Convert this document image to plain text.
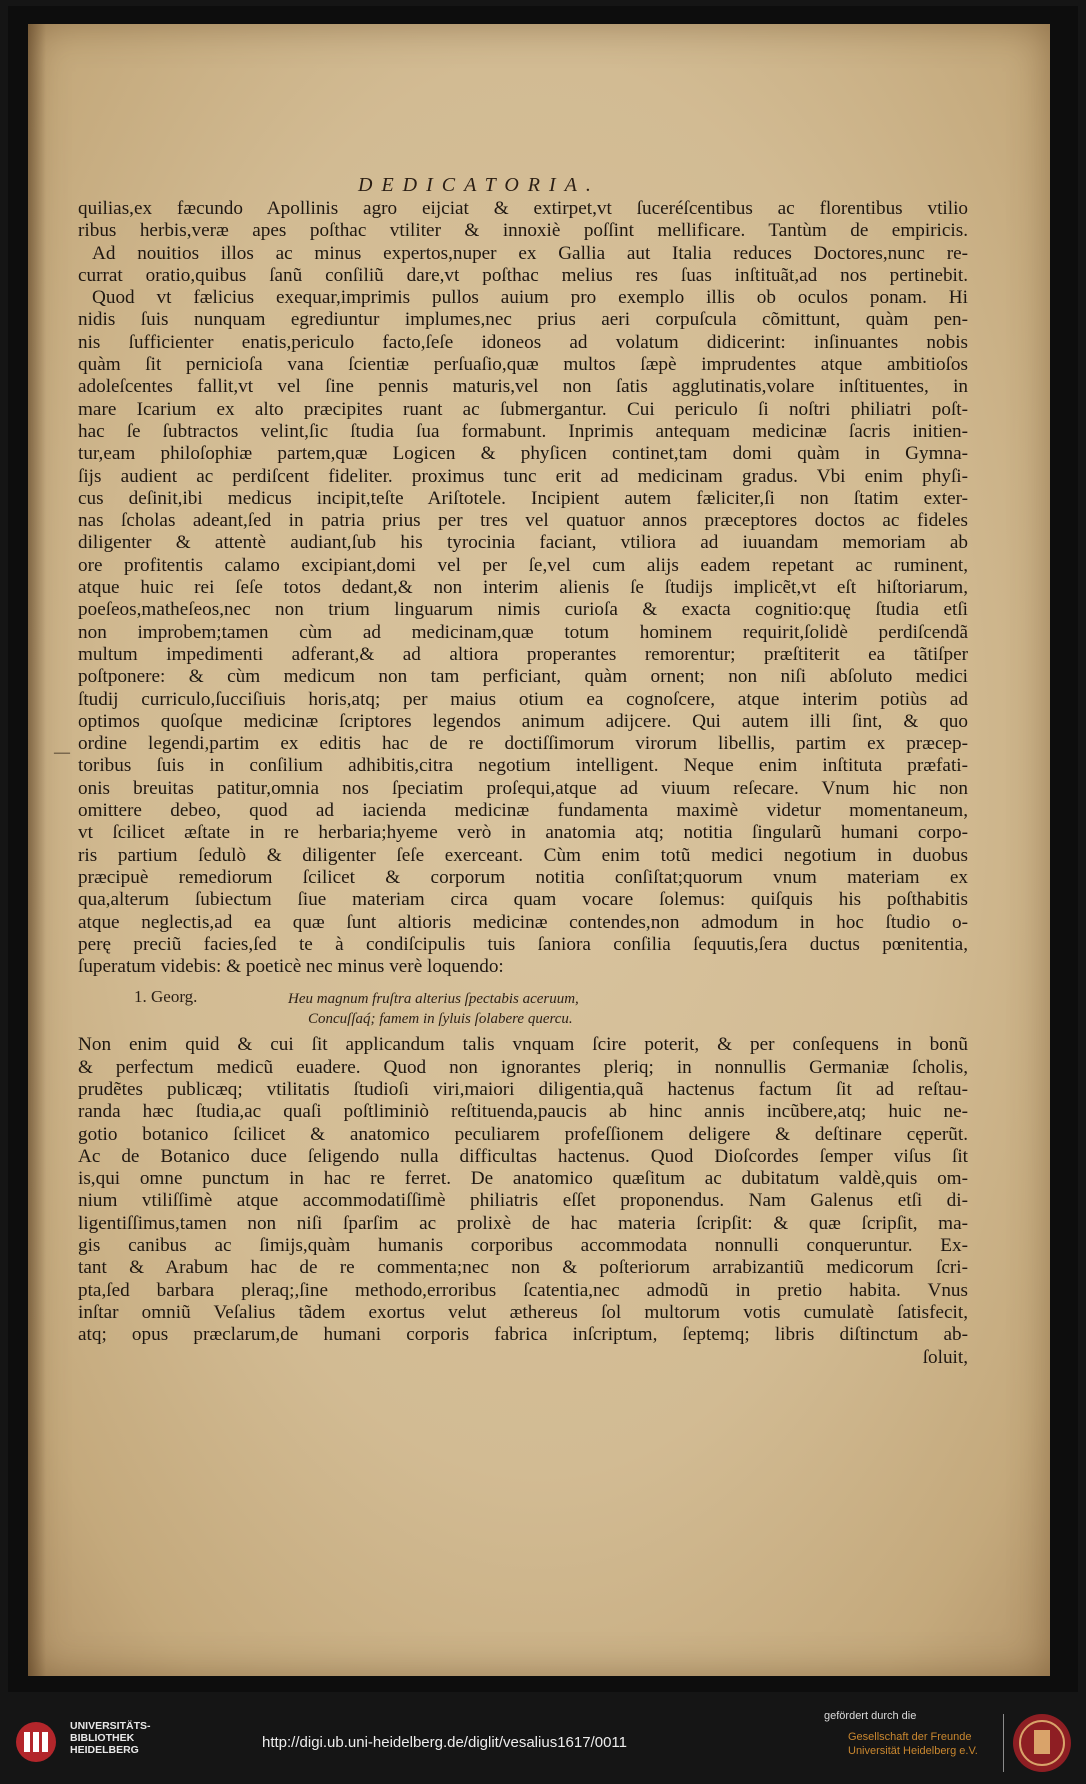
DEDICATORIA.
—
quilias,ex fæcundo Apollinis agro eijciat & extirpet,vt ſuceréſcentibus ac florentibus vtilio
ribus herbis,veræ apes poſthac vtiliter & innoxiè poſſint mellificare. Tantùm de empiricis.
Ad nouitios illos ac minus expertos,nuper ex Gallia aut Italia reduces Doctores,nunc re-
currat oratio,quibus ſanũ conſiliũ dare,vt poſthac melius res ſuas inſtituãt,ad nos pertinebit.
Quod vt fælicius exequar,imprimis pullos auium pro exemplo illis ob oculos ponam. Hi
nidis ſuis nunquam egrediuntur implumes,nec prius aeri corpuſcula cõmittunt, quàm pen-
nis ſufficienter enatis,periculo facto,ſeſe idoneos ad volatum didicerint: inſinuantes nobis
quàm ſit pernicioſa vana ſcientiæ perſuaſio,quæ multos ſæpè imprudentes atque ambitioſos
adoleſcentes fallit,vt vel ſine pennis maturis,vel non ſatis agglutinatis,volare inſtituentes, in
mare Icarium ex alto præcipites ruant ac ſubmergantur. Cui periculo ſi noſtri philiatri poſt-
hac ſe ſubtractos velint,ſic ſtudia ſua formabunt. Inprimis antequam medicinæ ſacris initien-
tur,eam philoſophiæ partem,quæ Logicen & phyſicen continet,tam domi quàm in Gymna-
ſijs audient ac perdiſcent fideliter. proximus tunc erit ad medicinam gradus. Vbi enim phyſi-
cus deſinit,ibi medicus incipit,teſte Ariſtotele. Incipient autem fæliciter,ſi non ſtatim exter-
nas ſcholas adeant,ſed in patria prius per tres vel quatuor annos præceptores doctos ac fideles
diligenter & attentè audiant,ſub his tyrocinia faciant, vtiliora ad iuuandam memoriam ab
ore profitentis calamo excipiant,domi vel per ſe,vel cum alijs eadem repetant ac ruminent,
atque huic rei ſeſe totos dedant,& non interim alienis ſe ſtudijs implicẽt,vt eſt hiſtoriarum,
poeſeos,matheſeos,nec non trium linguarum nimis curioſa & exacta cognitio:quę ſtudia etſi
non improbem;tamen cùm ad medicinam,quæ totum hominem requirit,ſolidè perdiſcendã
multum impedimenti adferant,& ad altiora properantes remorentur; præſtiterit ea tãtiſper
poſtponere: & cùm medicum non tam perficiant, quàm ornent; non niſi abſoluto medici
ſtudij curriculo,ſucciſiuis horis,atq; per maius otium ea cognoſcere, atque interim potiùs ad
optimos quoſque medicinæ ſcriptores legendos animum adijcere. Qui autem illi ſint, & quo
ordine legendi,partim ex editis hac de re doctiſſimorum virorum libellis, partim ex præcep-
toribus ſuis in conſilium adhibitis,citra negotium intelligent. Neque enim inſtituta præfati-
onis breuitas patitur,omnia nos ſpeciatim proſequi,atque ad viuum reſecare. Vnum hic non
omittere debeo, quod ad iacienda medicinæ fundamenta maximè videtur momentaneum,
vt ſcilicet æſtate in re herbaria;hyeme verò in anatomia atq; notitia ſingularũ humani corpo-
ris partium ſedulò & diligenter ſeſe exerceant. Cùm enim totũ medici negotium in duobus
præcipuè remediorum ſcilicet & corporum notitia conſiſtat;quorum vnum materiam ex
qua,alterum ſubiectum ſiue materiam circa quam vocare ſolemus: quiſquis his poſthabitis
atque neglectis,ad ea quæ ſunt altioris medicinæ contendes,non admodum in hoc ſtudio o-
perę preciũ facies,ſed te à condiſcipulis tuis ſaniora conſilia ſequutis,ſera ductus pœnitentia,
ſuperatum videbis: & poeticè nec minus verè loquendo:
1. Georg.	Heu magnum fruſtra alterius ſpectabis aceruum,
Concuſſaq́; famem in ſyluis ſolabere quercu.
Non enim quid & cui ſit applicandum talis vnquam ſcire poterit, & per conſequens in bonũ
& perfectum medicũ euadere. Quod non ignorantes pleriq; in nonnullis Germaniæ ſcholis,
prudẽtes publicæq; vtilitatis ſtudioſi viri,maiori diligentia,quã hactenus factum ſit ad reſtau-
randa hæc ſtudia,ac quaſi poſtliminiò reſtituenda,paucis ab hinc annis incũbere,atq; huic ne-
gotio botanico ſcilicet & anatomico peculiarem profeſſionem deligere & deſtinare cęperũt.
Ac de Botanico duce ſeligendo nulla difficultas hactenus. Quod Dioſcordes ſemper viſus ſit
is,qui omne punctum in hac re ferret. De anatomico quæſitum ac dubitatum valdè,quis om-
nium vtiliſſimè atque accommodatiſſimè philiatris eſſet proponendus. Nam Galenus etſi di-
ligentiſſimus,tamen non niſi ſparſim ac prolixè de hac materia ſcripſit: & quæ ſcripſit, ma-
gis canibus ac ſimijs,quàm humanis corporibus accommodata nonnulli conqueruntur. Ex-
tant & Arabum hac de re commenta;nec non & poſteriorum arrabizantiũ medicorum ſcri-
pta,ſed barbara pleraq;,ſine methodo,erroribus ſcatentia,nec admodũ in pretio habita. Vnus
inſtar omniũ Veſalius tãdem exortus velut æthereus ſol multorum votis cumulatè ſatisfecit,
atq; opus præclarum,de humani corporis fabrica inſcriptum, ſeptemq; libris diſtinctum ab-
ſoluit,
UNIVERSITÄTS-
BIBLIOTHEK
HEIDELBERG	http://digi.ub.uni-heidelberg.de/diglit/vesalius1617/0011
gefördert durch die
Gesellschaft der Freunde
Universität Heidelberg e.V.
